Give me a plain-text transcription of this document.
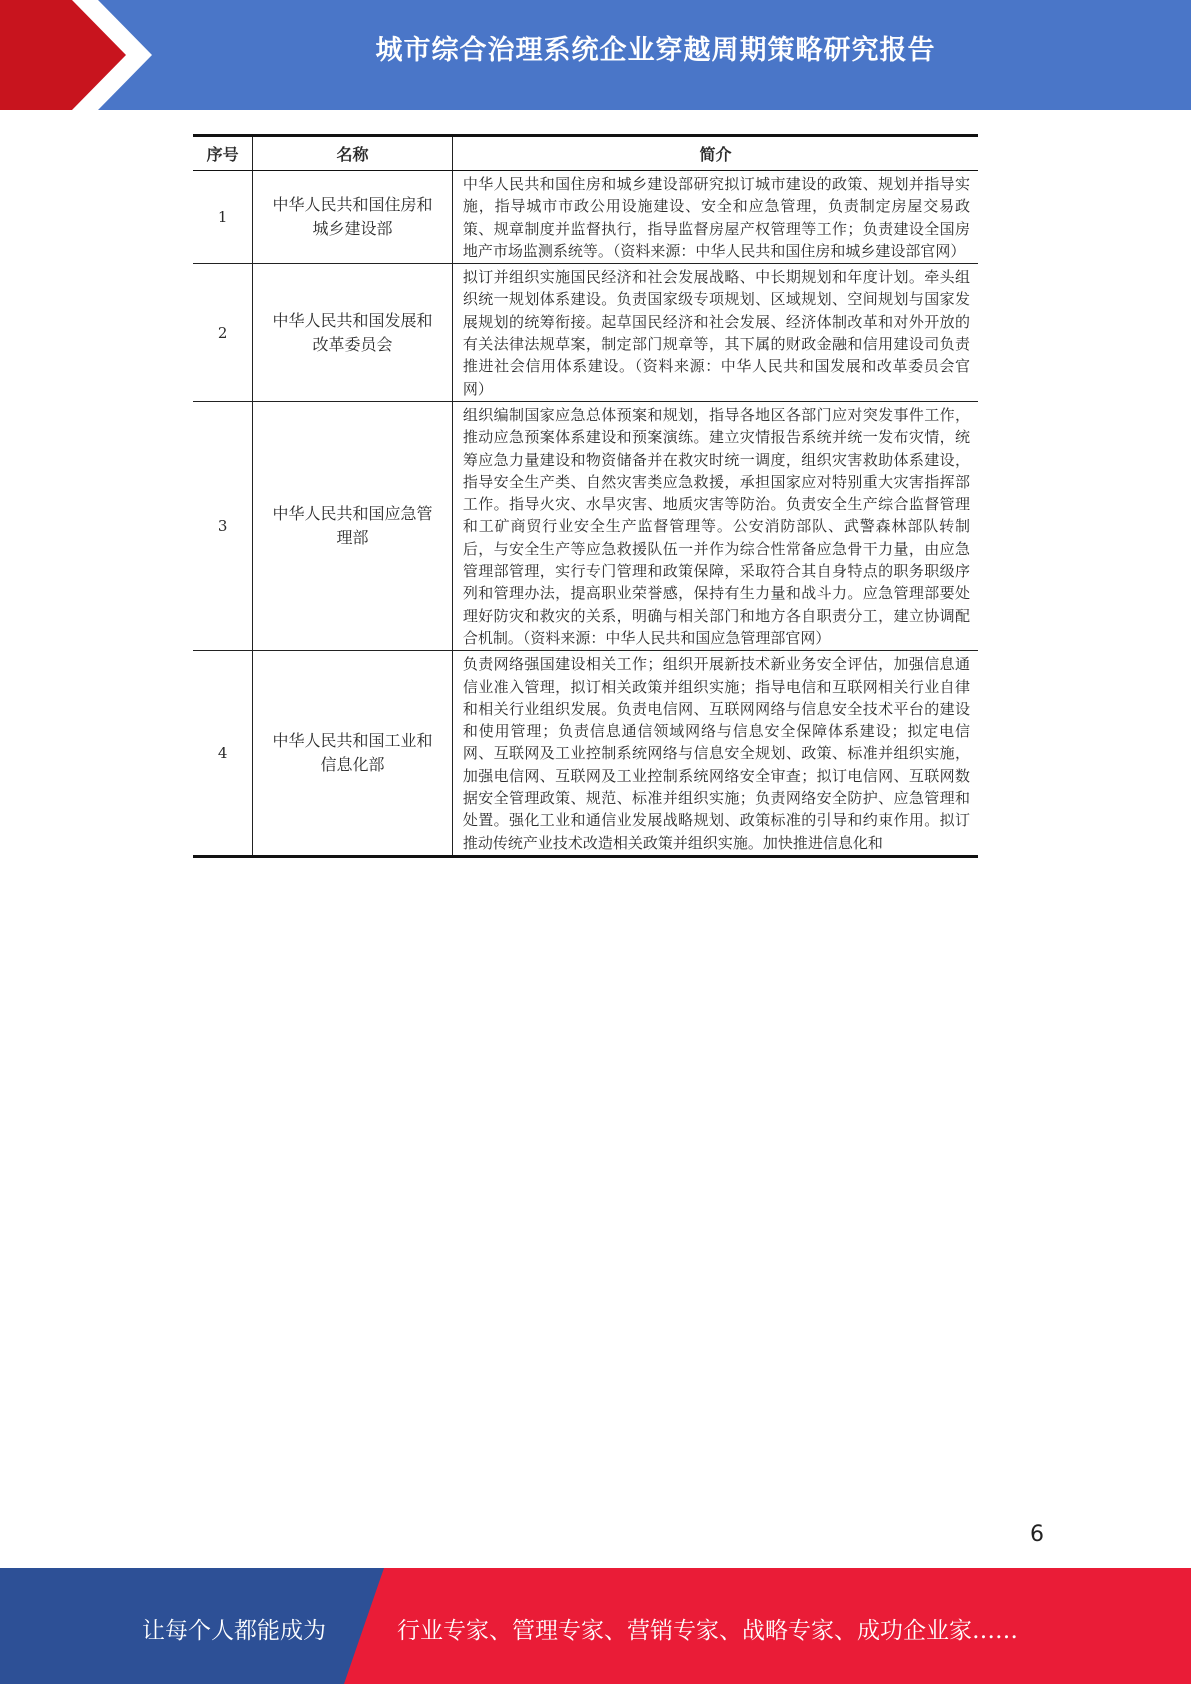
城市综合治理系统企业穿越周期策略研究报告
序号	名称	简介
1	中华人民共和国住房和城乡建设部	中华人民共和国住房和城乡建设部研究拟订城市建设的政策、规划并指导实施，指导城市市政公用设施建设、安全和应急管理，负责制定房屋交易政策、规章制度并监督执行，指导监督房屋产权管理等工作；负责建设全国房地产市场监测系统等。（资料来源：中华人民共和国住房和城乡建设部官网）
2	中华人民共和国发展和改革委员会	拟订并组织实施国民经济和社会发展战略、中长期规划和年度计划。牵头组织统一规划体系建设。负责国家级专项规划、区域规划、空间规划与国家发展规划的统筹衔接。起草国民经济和社会发展、经济体制改革和对外开放的有关法律法规草案，制定部门规章等，其下属的财政金融和信用建设司负责推进社会信用体系建设。（资料来源：中华人民共和国发展和改革委员会官网）
3	中华人民共和国应急管理部	组织编制国家应急总体预案和规划，指导各地区各部门应对突发事件工作，推动应急预案体系建设和预案演练。建立灾情报告系统并统一发布灾情，统筹应急力量建设和物资储备并在救灾时统一调度，组织灾害救助体系建设，指导安全生产类、自然灾害类应急救援，承担国家应对特别重大灾害指挥部工作。指导火灾、水旱灾害、地质灾害等防治。负责安全生产综合监督管理和工矿商贸行业安全生产监督管理等。公安消防部队、武警森林部队转制后，与安全生产等应急救援队伍一并作为综合性常备应急骨干力量，由应急管理部管理，实行专门管理和政策保障，采取符合其自身特点的职务职级序列和管理办法，提高职业荣誉感，保持有生力量和战斗力。应急管理部要处理好防灾和救灾的关系，明确与相关部门和地方各自职责分工，建立协调配合机制。（资料来源：中华人民共和国应急管理部官网）
4	中华人民共和国工业和信息化部	负责网络强国建设相关工作；组织开展新技术新业务安全评估，加强信息通信业准入管理，拟订相关政策并组织实施；指导电信和互联网相关行业自律和相关行业组织发展。负责电信网、互联网网络与信息安全技术平台的建设和使用管理；负责信息通信领域网络与信息安全保障体系建设；拟定电信网、互联网及工业控制系统网络与信息安全规划、政策、标准并组织实施，加强电信网、互联网及工业控制系统网络安全审查；拟订电信网、互联网数据安全管理政策、规范、标准并组织实施；负责网络安全防护、应急管理和处置。强化工业和通信业发展战略规划、政策标准的引导和约束作用。拟订推动传统产业技术改造相关政策并组织实施。加快推进信息化和
6
让每个人都能成为	行业专家、管理专家、营销专家、战略专家、成功企业家……
